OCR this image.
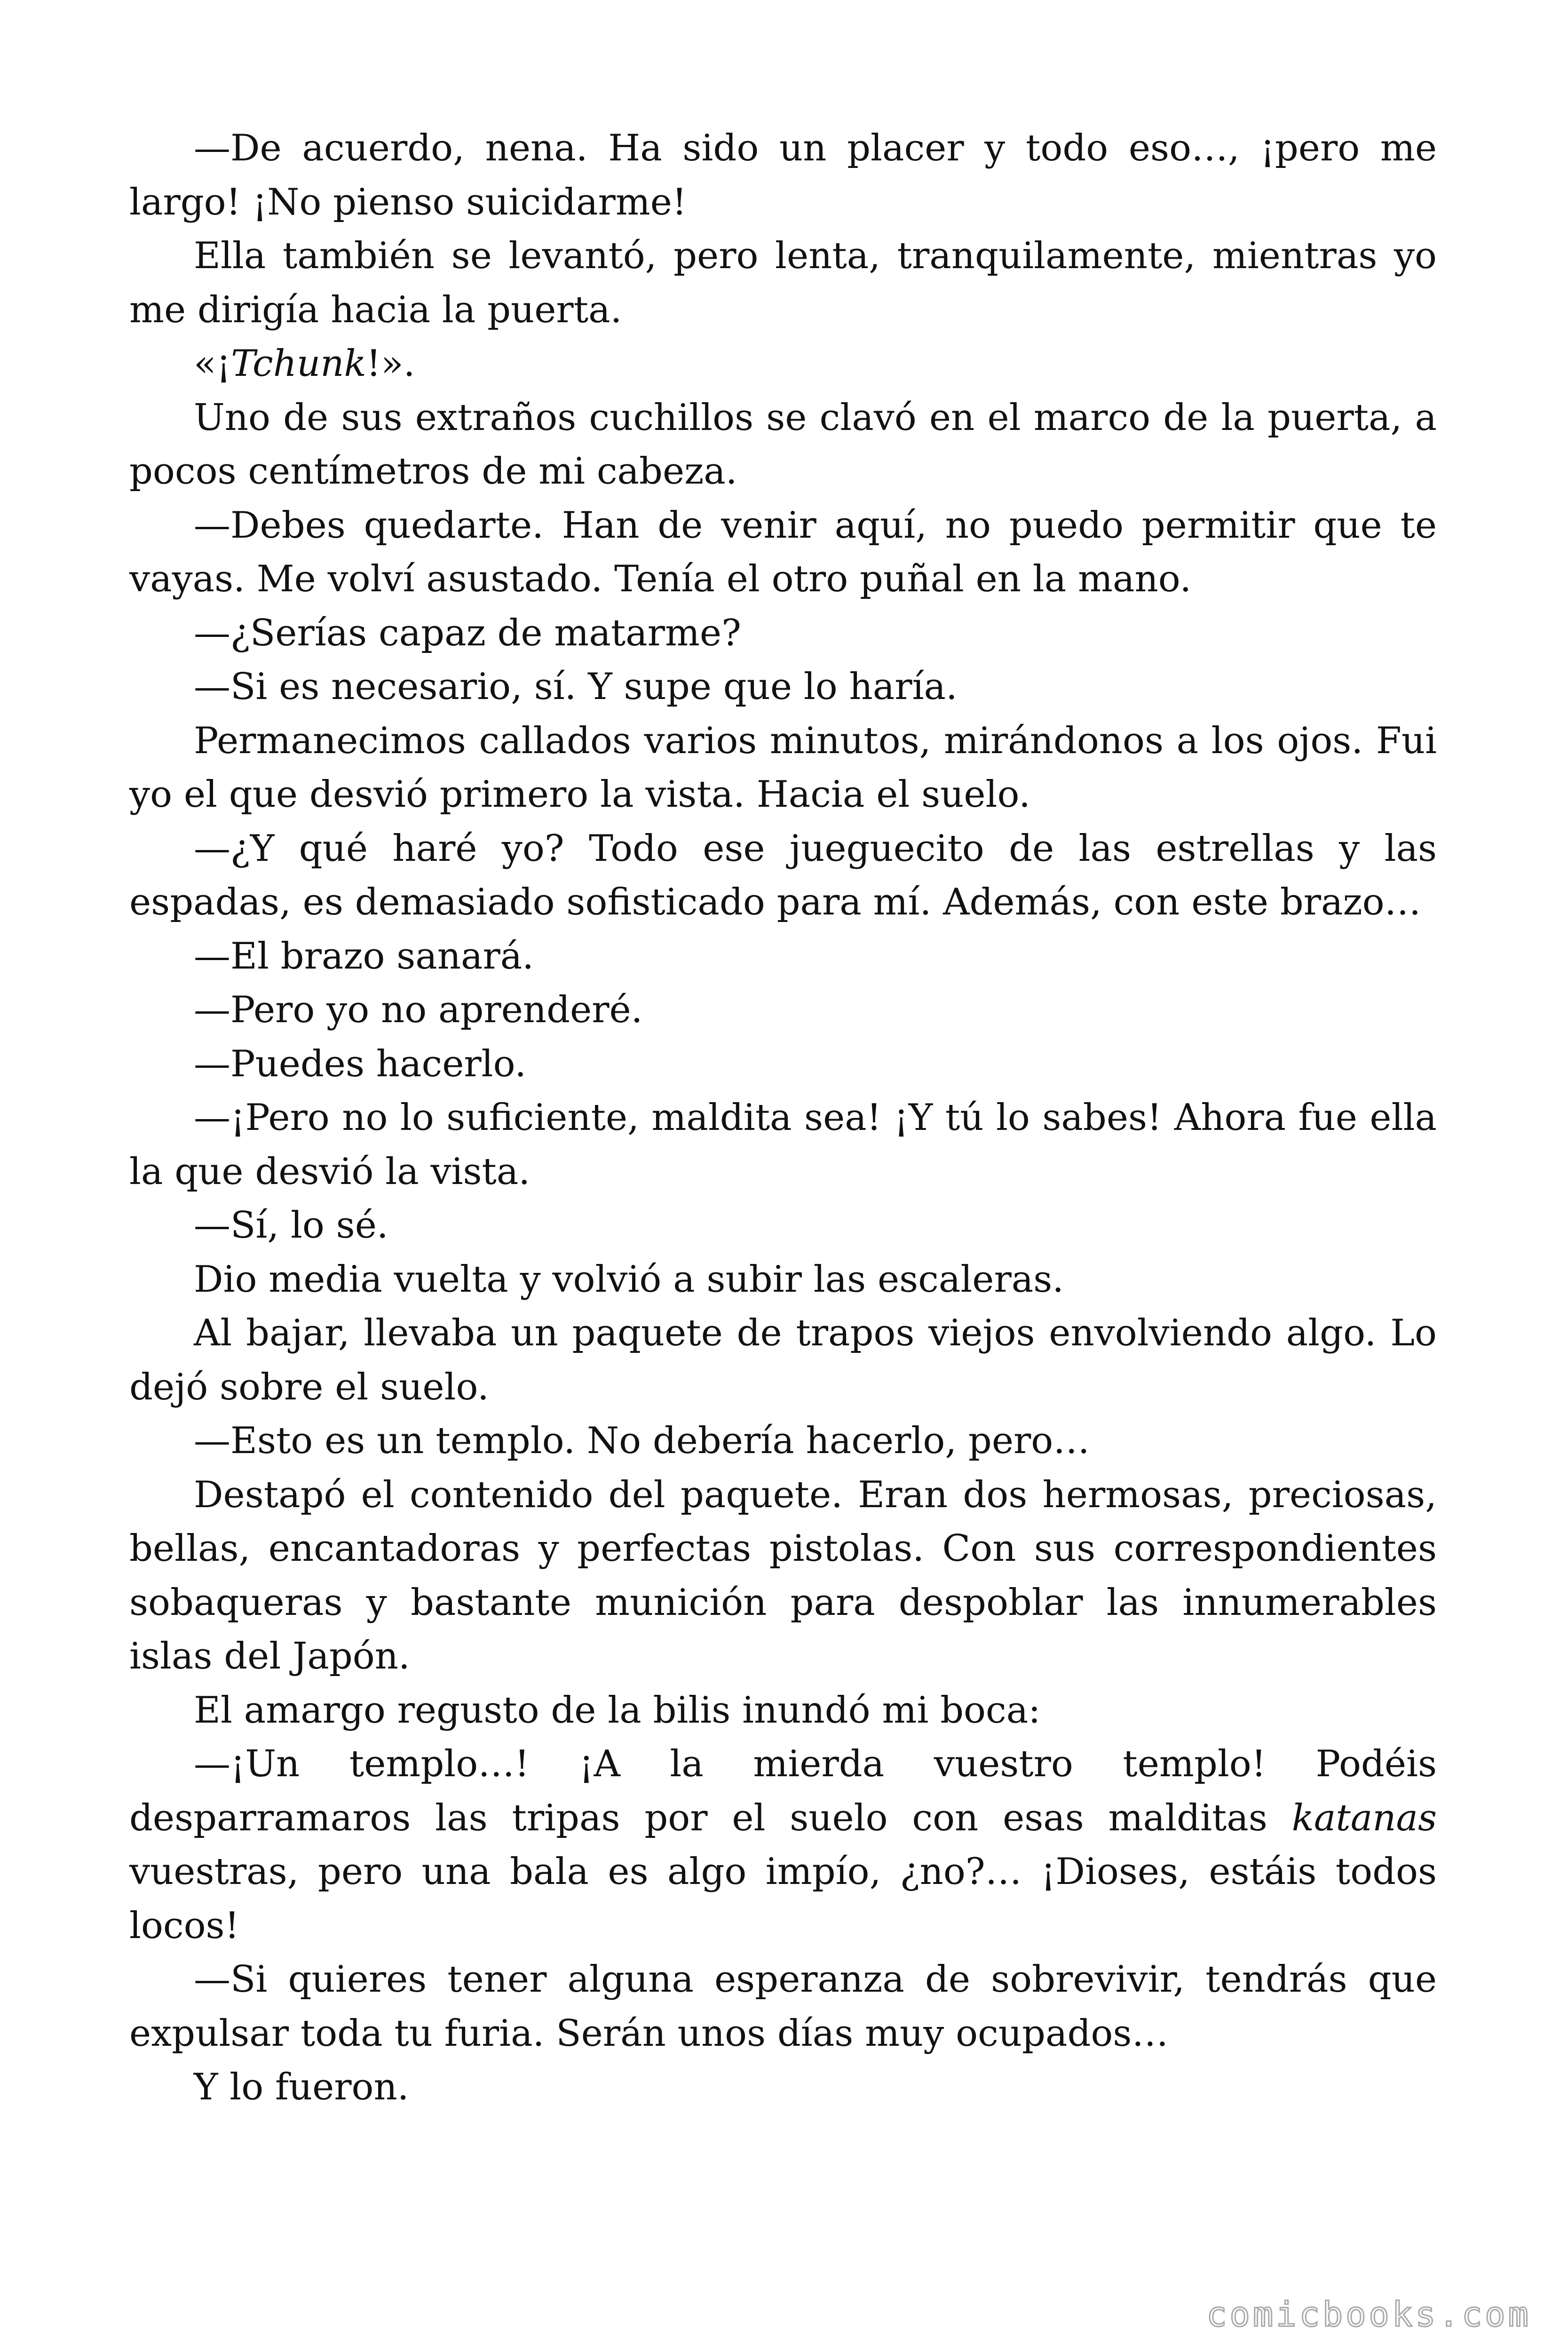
—De acuerdo, nena. Ha sido un placer y todo eso…, ¡pero me largo! ¡No pienso suicidarme!

Ella también se levantó, pero lenta, tranquilamente, mientras yo me dirigía hacia la puerta.

«¡Tchunk!».

Uno de sus extraños cuchillos se clavó en el marco de la puerta, a pocos centímetros de mi cabeza.

—Debes quedarte. Han de venir aquí, no puedo permitir que te vayas. Me volví asustado. Tenía el otro puñal en la mano.

—¿Serías capaz de matarme?

—Si es necesario, sí. Y supe que lo haría.

Permanecimos callados varios minutos, mirándonos a los ojos. Fui yo el que desvió primero la vista. Hacia el suelo.

—¿Y qué haré yo? Todo ese jueguecito de las estrellas y las espadas, es demasiado sofisticado para mí. Además, con este brazo…

—El brazo sanará.

—Pero yo no aprenderé.

—Puedes hacerlo.

—¡Pero no lo suficiente, maldita sea! ¡Y tú lo sabes! Ahora fue ella la que desvió la vista.

—Sí, lo sé.

Dio media vuelta y volvió a subir las escaleras.

Al bajar, llevaba un paquete de trapos viejos envolviendo algo. Lo dejó sobre el suelo.

—Esto es un templo. No debería hacerlo, pero…

Destapó el contenido del paquete. Eran dos hermosas, preciosas, bellas, encantadoras y perfectas pistolas. Con sus correspondientes sobaqueras y bastante munición para despoblar las innumerables islas del Japón.

El amargo regusto de la bilis inundó mi boca:

—¡Un templo…! ¡A la mierda vuestro templo! Podéis desparramaros las tripas por el suelo con esas malditas katanas vuestras, pero una bala es algo impío, ¿no?… ¡Dioses, estáis todos locos!

—Si quieres tener alguna esperanza de sobrevivir, tendrás que expulsar toda tu furia. Serán unos días muy ocupados…

Y lo fueron.

comicbooks.com
